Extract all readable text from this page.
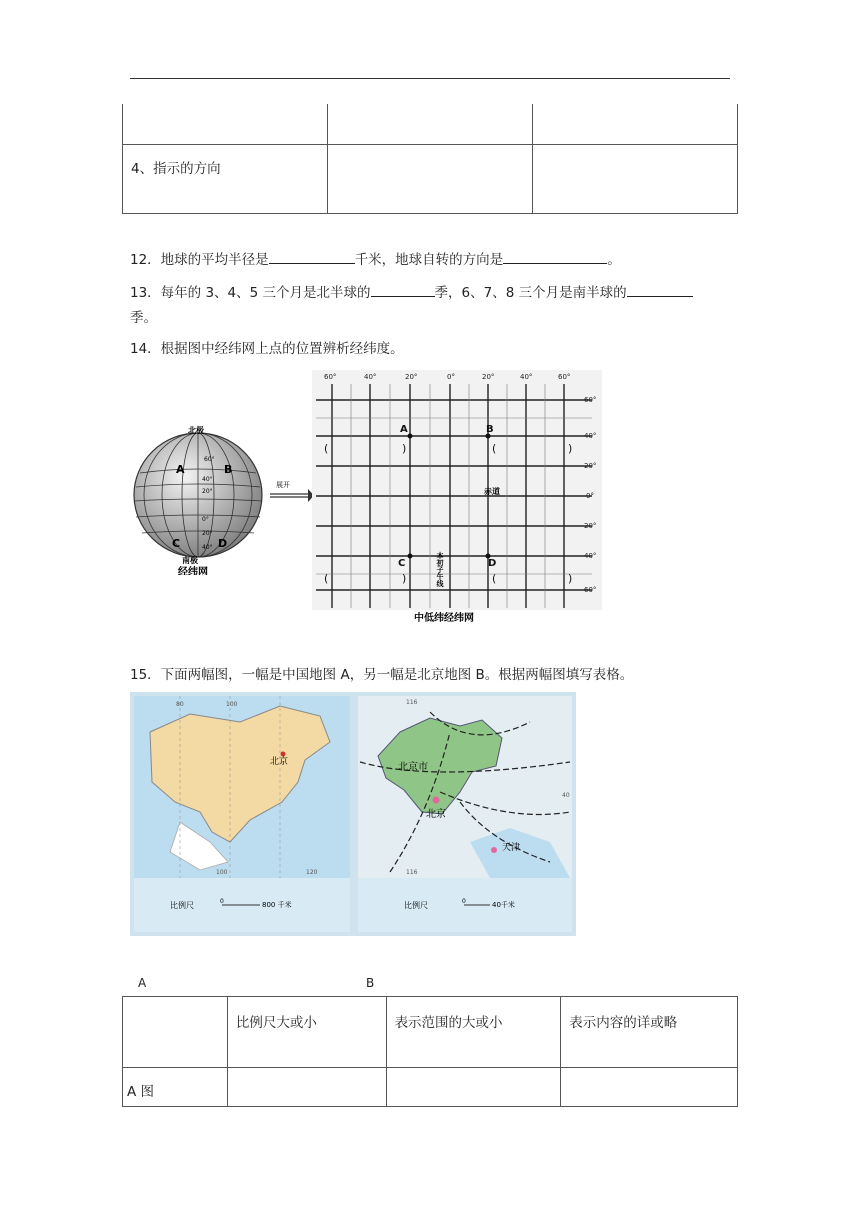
4、指示的方向		

12．地球的平均半径是	千米，地球自转的方向是	。
13．每年的 3、4、5 三个月是北半球的	季，6、7、8 三个月是南半球的
季。
14．根据图中经纬网上点的位置辨析经纬度。
北极
A	B
C	D
60°
40°
20°
0°
20°
40°
南极
经纬网
展开
60°	40°	20°	0°	20°	40°	60°
60°
40°
20°
0°
20°
40°
60°
A	B
C	D
(	)	(	)
(	)	(	)
赤道
本初子午线
中低纬经纬网
15．下面两幅图，一幅是中国地图 A，另一幅是北京地图 B。根据两幅图填写表格。
北京
80	100
100	120
比例尺	0	800 千米
北京市
北京
天津
116
116
40
比例尺	0	40千米
A	B

	比例尺大或小	表示范围的大或小	表示内容的详或略

A 图			
